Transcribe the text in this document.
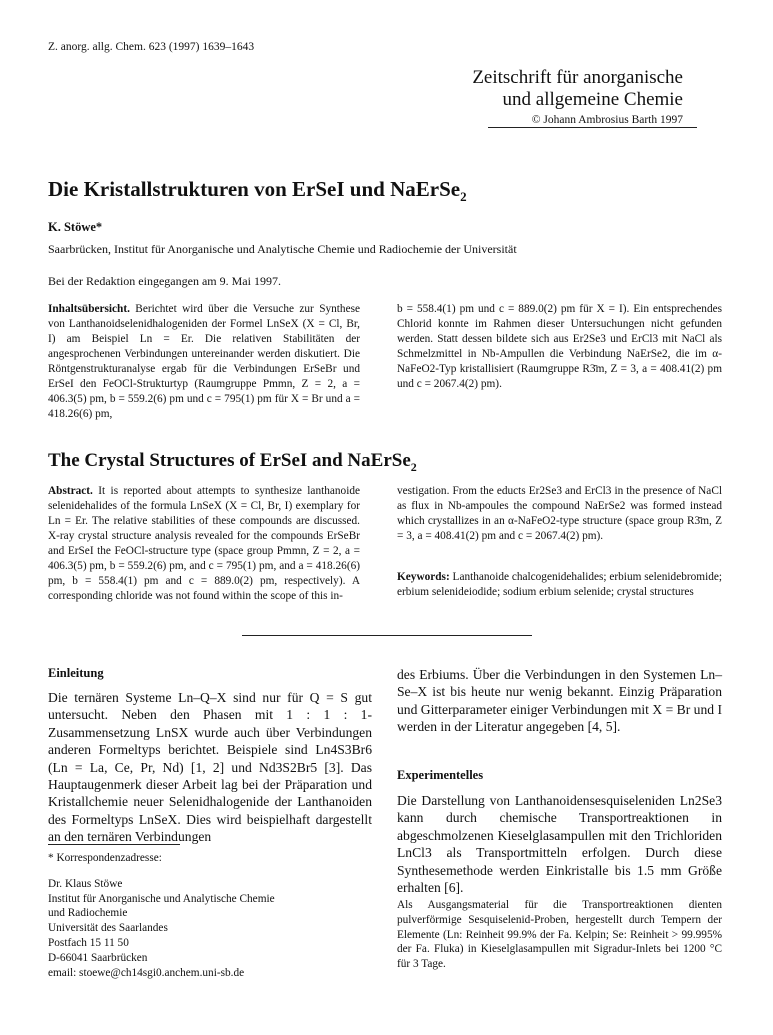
Z. anorg. allg. Chem. 623 (1997) 1639–1643
Zeitschrift für anorganische
und allgemeine Chemie
© Johann Ambrosius Barth 1997
Die Kristallstrukturen von ErSeI und NaErSe$_2$
K. Stöwe*
Saarbrücken, Institut für Anorganische und Analytische Chemie und Radiochemie der Universität
Bei der Redaktion eingegangen am 9. Mai 1997.
Inhaltsübersicht. Berichtet wird über die Versuche zur Synthese von Lanthanoidselenidhalogeniden der Formel LnSeX (X = Cl, Br, I) am Beispiel Ln = Er. Die relativen Stabilitäten der angesprochenen Verbindungen untereinander werden diskutiert. Die Röntgenstrukturanalyse ergab für die Verbindungen ErSeBr und ErSeI den FeOCl-Strukturtyp (Raumgruppe Pmmn, Z = 2, a = 406.3(5) pm, b = 559.2(6) pm und c = 795(1) pm für X = Br und a = 418.26(6) pm,
b = 558.4(1) pm und c = 889.0(2) pm für X = I). Ein entsprechendes Chlorid konnte im Rahmen dieser Untersuchungen nicht gefunden werden. Statt dessen bildete sich aus Er2Se3 und ErCl3 mit NaCl als Schmelzmittel in Nb-Ampullen die Verbindung NaErSe2, die im α-NaFeO2-Typ kristallisiert (Raumgruppe R3̄m, Z = 3, a = 408.41(2) pm und c = 2067.4(2) pm).
The Crystal Structures of ErSeI and NaErSe$_2$
Abstract. It is reported about attempts to synthesize lanthanoide selenidehalides of the formula LnSeX (X = Cl, Br, I) exemplary for Ln = Er. The relative stabilities of these compounds are discussed. X-ray crystal structure analysis revealed for the compounds ErSeBr and ErSeI the FeOCl-structure type (space group Pmmn, Z = 2, a = 406.3(5) pm, b = 559.2(6) pm, and c = 795(1) pm, and a = 418.26(6) pm, b = 558.4(1) pm and c = 889.0(2) pm, respectively). A corresponding chloride was not found within the scope of this in-
vestigation. From the educts Er2Se3 and ErCl3 in the presence of NaCl as flux in Nb-ampoules the compound NaErSe2 was formed instead which crystallizes in an α-NaFeO2-type structure (space group R3̄m, Z = 3, a = 408.41(2) pm and c = 2067.4(2) pm).
Keywords: Lanthanoide chalcogenidehalides; erbium selenidebromide; erbium selenideiodide; sodium erbium selenide; crystal structures
Einleitung
Die ternären Systeme Ln–Q–X sind nur für Q = S gut untersucht. Neben den Phasen mit 1 : 1 : 1-Zusammensetzung LnSX wurde auch über Verbindungen anderen Formeltyps berichtet. Beispiele sind Ln4S3Br6 (Ln = La, Ce, Pr, Nd) [1, 2] und Nd3S2Br5 [3]. Das Hauptaugenmerk dieser Arbeit lag bei der Präparation und Kristallchemie neuer Selenidhalogenide der Lanthanoiden des Formeltyps LnSeX. Dies wird beispielhaft dargestellt an den ternären Verbindungen
* Korrespondenzadresse:
Dr. Klaus Stöwe
Institut für Anorganische und Analytische Chemie
und Radiochemie
Universität des Saarlandes
Postfach 15 11 50
D-66041 Saarbrücken
email: stoewe@ch14sgi0.anchem.uni-sb.de
des Erbiums. Über die Verbindungen in den Systemen Ln–Se–X ist bis heute nur wenig bekannt. Einzig Präparation und Gitterparameter einiger Verbindungen mit X = Br und I werden in der Literatur angegeben [4, 5].
Experimentelles
Die Darstellung von Lanthanoidensesquiseleniden Ln2Se3 kann durch chemische Transportreaktionen in abgeschmolzenen Kieselglasampullen mit den Trichloriden LnCl3 als Transportmitteln erfolgen. Durch diese Synthesemethode werden Einkristalle bis 1.5 mm Größe erhalten [6].
Als Ausgangsmaterial für die Transportreaktionen dienten pulverförmige Sesquiselenid-Proben, hergestellt durch Tempern der Elemente (Ln: Reinheit 99.9% der Fa. Kelpin; Se: Reinheit > 99.995% der Fa. Fluka) in Kieselglasampullen mit Sigradur-Inlets bei 1200 °C für 3 Tage.
